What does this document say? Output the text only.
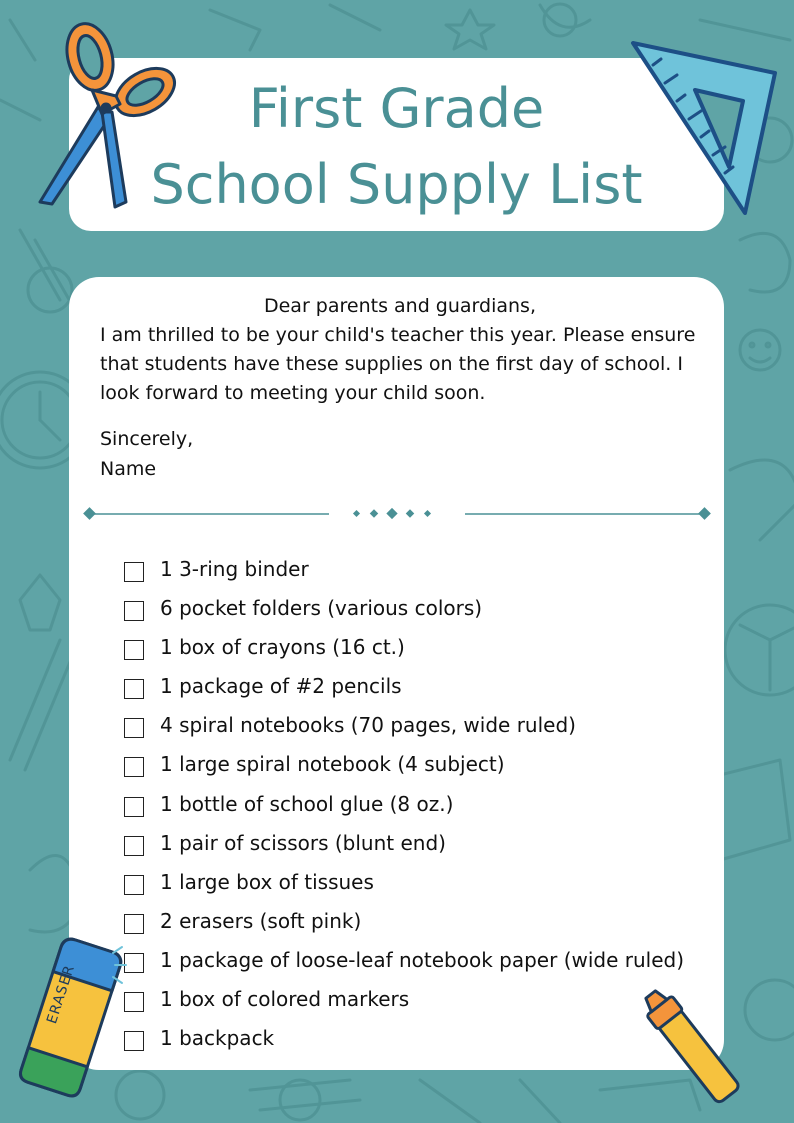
First Grade
School Supply List
Dear parents and guardians,
I am thrilled to be your child's teacher this year. Please ensure that students have these supplies on the first day of school. I look forward to meeting your child soon.
Sincerely,
Name
1 3-ring binder
6 pocket folders (various colors)
1 box of crayons (16 ct.)
1 package of #2 pencils
4 spiral notebooks (70 pages, wide ruled)
1 large spiral notebook (4 subject)
1 bottle of school glue (8 oz.)
1 pair of scissors (blunt end)
1 large box of tissues
2 erasers (soft pink)
1 package of loose-leaf notebook paper (wide ruled)
1 box of colored markers
1 backpack
ERASER
